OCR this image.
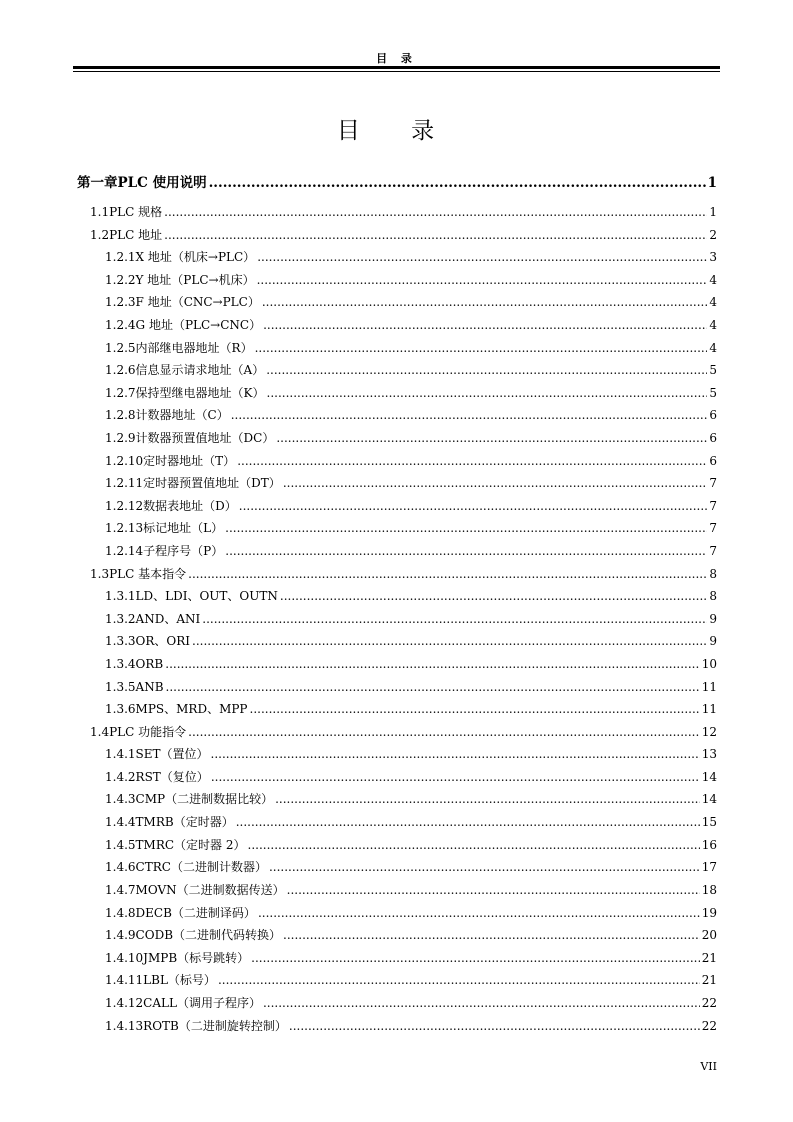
目 录
目 录
第一章 PLC 使用说明 .....	1
1.1 PLC 规格 .....	1
1.2 PLC 地址 .....	2
1.2.1 X 地址（机床→PLC） .....	3
1.2.2 Y 地址（PLC→机床） .....	4
1.2.3 F 地址（CNC→PLC） .....	4
1.2.4 G 地址（PLC→CNC） .....	4
1.2.5 内部继电器地址（R） .....	4
1.2.6 信息显示请求地址（A） .....	5
1.2.7 保持型继电器地址（K） .....	5
1.2.8 计数器地址（C） .....	6
1.2.9 计数器预置值地址（DC） .....	6
1.2.10 定时器地址（T） .....	6
1.2.11 定时器预置值地址（DT） .....	7
1.2.12 数据表地址（D） .....	7
1.2.13 标记地址（L） .....	7
1.2.14 子程序号（P） .....	7
1.3 PLC 基本指令 .....	8
1.3.1 LD、LDI、OUT、OUTN .....	8
1.3.2 AND、ANI .....	9
1.3.3 OR、ORI .....	9
1.3.4 ORB .....	10
1.3.5 ANB .....	11
1.3.6 MPS、MRD、MPP .....	11
1.4 PLC 功能指令 .....	12
1.4.1 SET（置位） .....	13
1.4.2 RST（复位） .....	14
1.4.3 CMP（二进制数据比较） .....	14
1.4.4 TMRB（定时器） .....	15
1.4.5 TMRC（定时器 2） .....	16
1.4.6 CTRC（二进制计数器） .....	17
1.4.7 MOVN（二进制数据传送） .....	18
1.4.8 DECB（二进制译码） .....	19
1.4.9 CODB（二进制代码转换） .....	20
1.4.10 JMPB（标号跳转） .....	21
1.4.11 LBL（标号） .....	21
1.4.12 CALL（调用子程序） .....	22
1.4.13 ROTB（二进制旋转控制） .....	22
VII
